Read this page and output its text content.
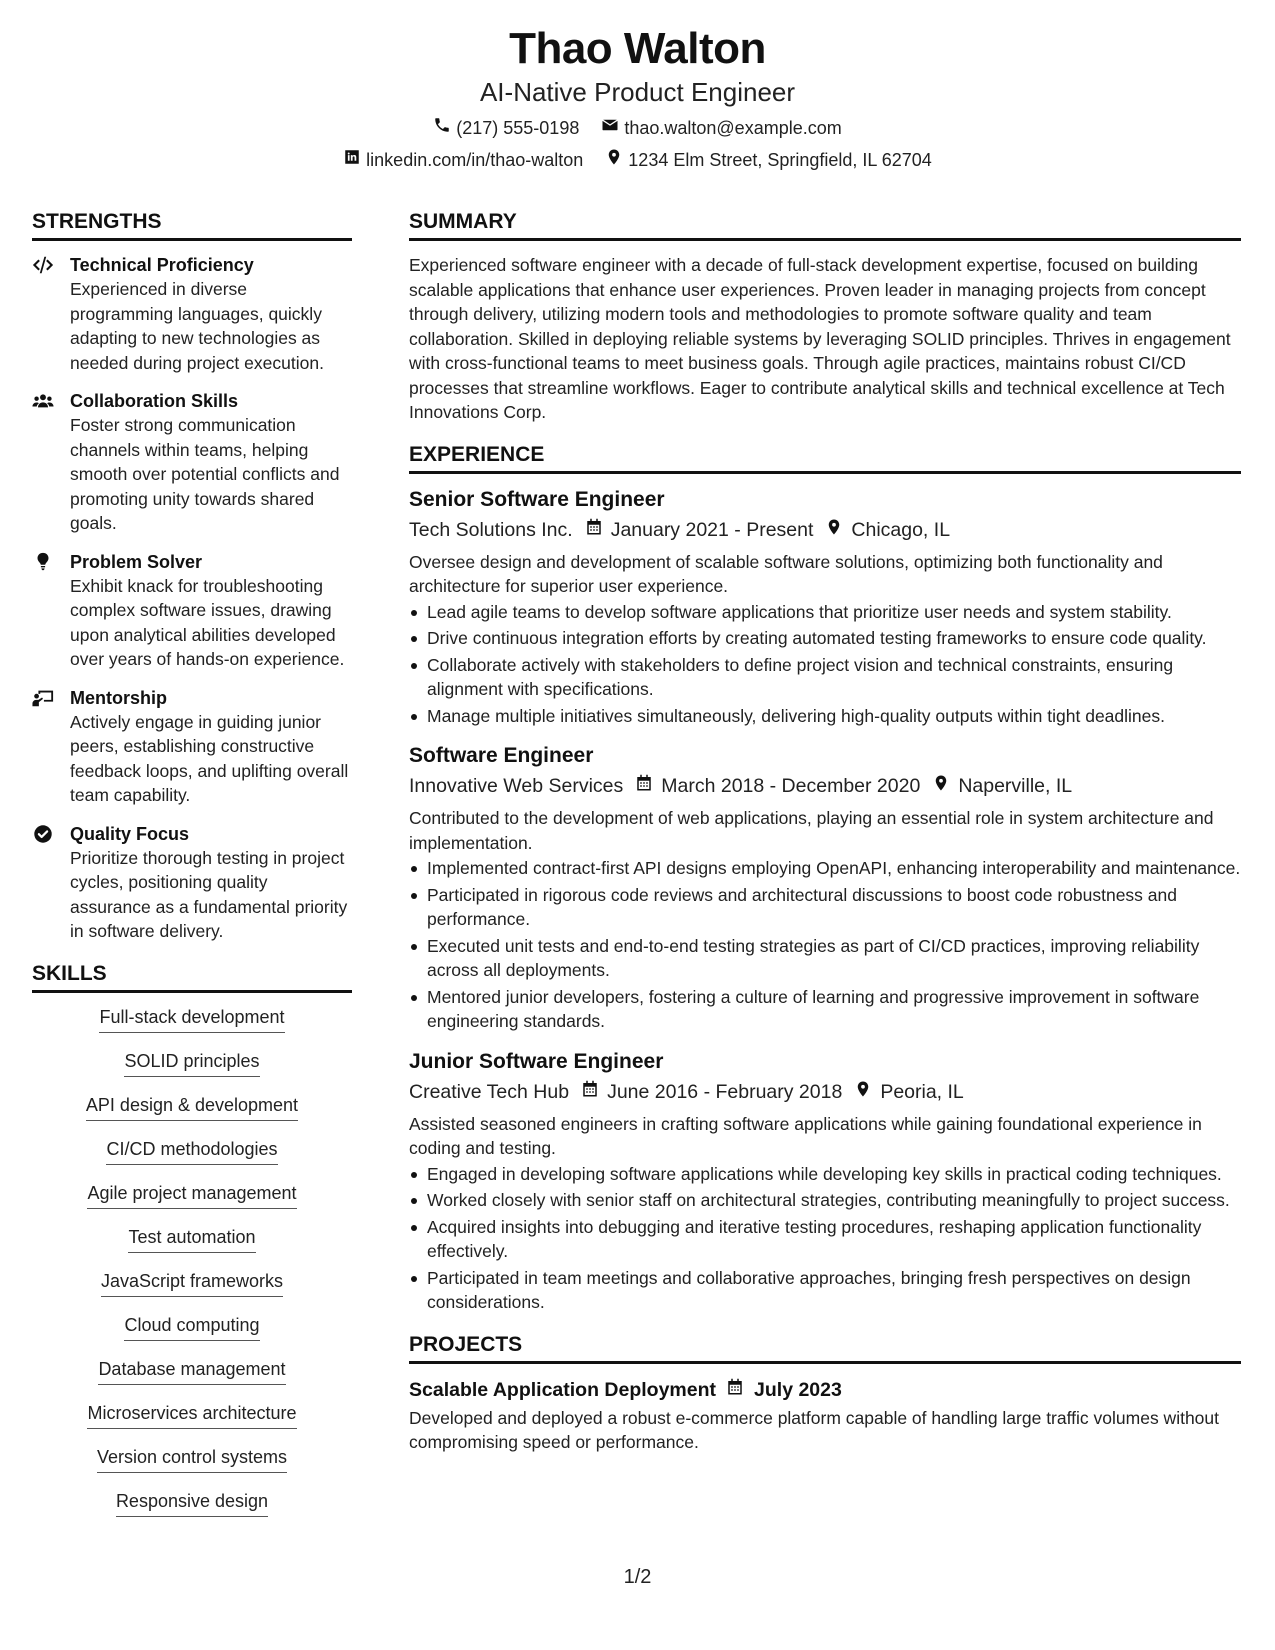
Thao Walton
AI-Native Product Engineer
(217) 555-0198	thao.walton@example.com
linkedin.com/in/thao-walton	1234 Elm Street, Springfield, IL 62704
STRENGTHS
Technical Proficiency
Experienced in diverse programming languages, quickly adapting to new technologies as needed during project execution.
Collaboration Skills
Foster strong communication channels within teams, helping smooth over potential conflicts and promoting unity towards shared goals.
Problem Solver
Exhibit knack for troubleshooting complex software issues, drawing upon analytical abilities developed over years of hands-on experience.
Mentorship
Actively engage in guiding junior peers, establishing constructive feedback loops, and uplifting overall team capability.
Quality Focus
Prioritize thorough testing in project cycles, positioning quality assurance as a fundamental priority in software delivery.
SKILLS
Full-stack development
SOLID principles
API design & development
CI/CD methodologies
Agile project management
Test automation
JavaScript frameworks
Cloud computing
Database management
Microservices architecture
Version control systems
Responsive design
SUMMARY
Experienced software engineer with a decade of full-stack development expertise, focused on building scalable applications that enhance user experiences. Proven leader in managing projects from concept through delivery, utilizing modern tools and methodologies to promote software quality and team collaboration. Skilled in deploying reliable systems by leveraging SOLID principles. Thrives in engagement with cross-functional teams to meet business goals. Through agile practices, maintains robust CI/CD processes that streamline workflows. Eager to contribute analytical skills and technical excellence at Tech Innovations Corp.
EXPERIENCE
Senior Software Engineer
Tech Solutions Inc. January 2021 - Present Chicago, IL
Oversee design and development of scalable software solutions, optimizing both functionality and architecture for superior user experience.
Lead agile teams to develop software applications that prioritize user needs and system stability.
Drive continuous integration efforts by creating automated testing frameworks to ensure code quality.
Collaborate actively with stakeholders to define project vision and technical constraints, ensuring alignment with specifications.
Manage multiple initiatives simultaneously, delivering high-quality outputs within tight deadlines.
Software Engineer
Innovative Web Services March 2018 - December 2020 Naperville, IL
Contributed to the development of web applications, playing an essential role in system architecture and implementation.
Implemented contract-first API designs employing OpenAPI, enhancing interoperability and maintenance.
Participated in rigorous code reviews and architectural discussions to boost code robustness and performance.
Executed unit tests and end-to-end testing strategies as part of CI/CD practices, improving reliability across all deployments.
Mentored junior developers, fostering a culture of learning and progressive improvement in software engineering standards.
Junior Software Engineer
Creative Tech Hub June 2016 - February 2018 Peoria, IL
Assisted seasoned engineers in crafting software applications while gaining foundational experience in coding and testing.
Engaged in developing software applications while developing key skills in practical coding techniques.
Worked closely with senior staff on architectural strategies, contributing meaningfully to project success.
Acquired insights into debugging and iterative testing procedures, reshaping application functionality effectively.
Participated in team meetings and collaborative approaches, bringing fresh perspectives on design considerations.
PROJECTS
Scalable Application Deployment July 2023
Developed and deployed a robust e-commerce platform capable of handling large traffic volumes without compromising speed or performance.
1/2
